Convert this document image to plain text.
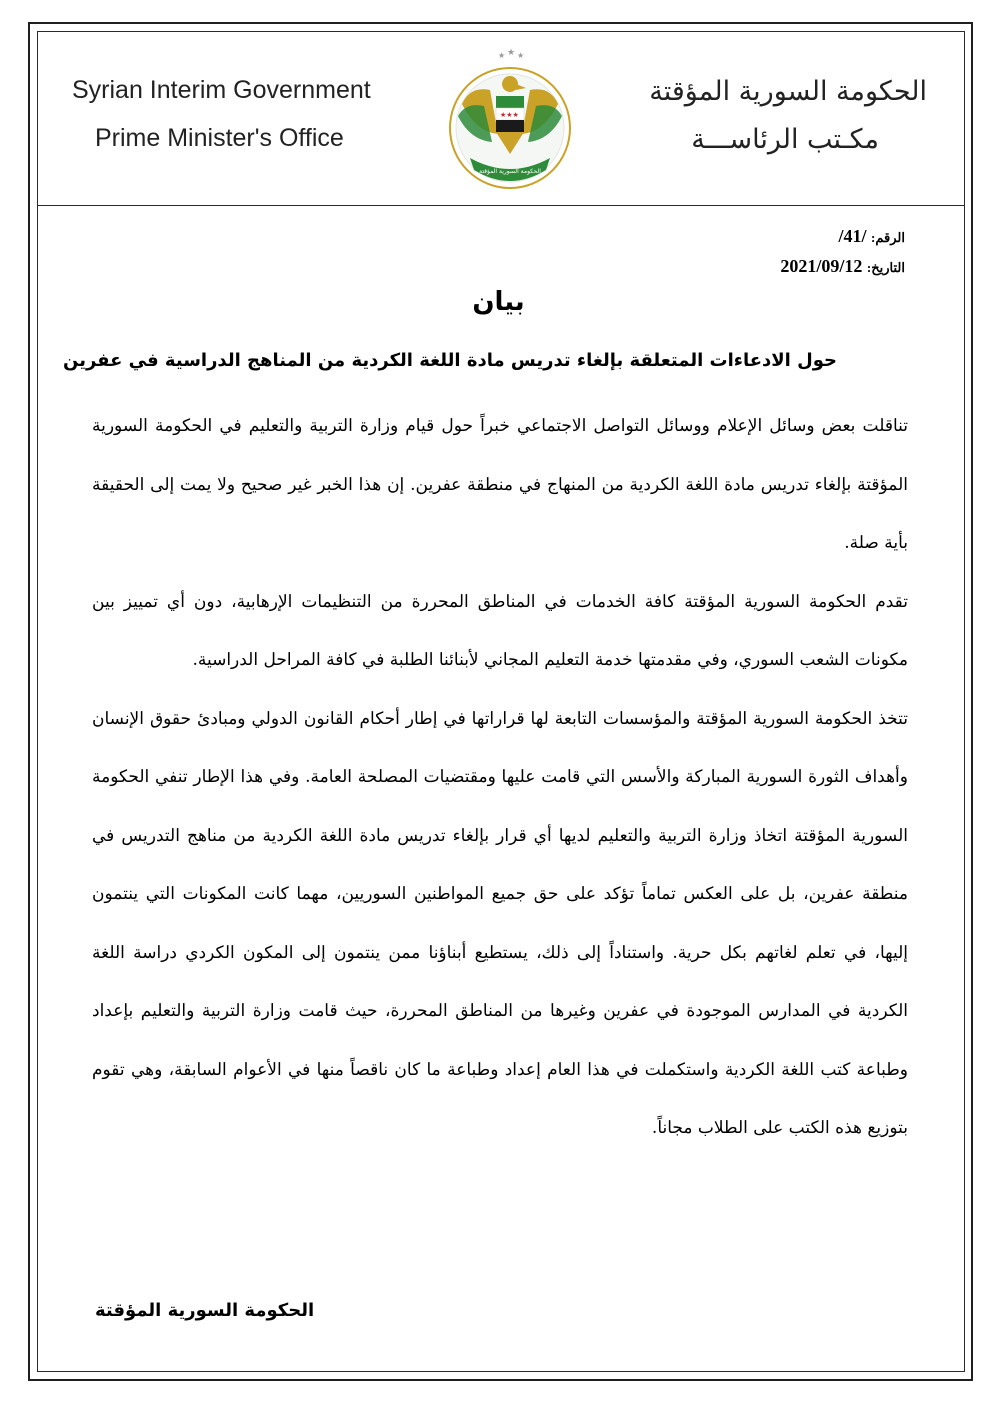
Syrian Interim Government
Prime Minister's Office
الحكومة السورية المؤقتة
مكـتب الرئاســـة
★ ★ ★
★★★
الحكومة السورية المؤقتة
الرقم: /41/
التاريخ: 2021/09/12
بيان
حول الادعاءات المتعلقة بإلغاء تدريس مادة اللغة الكردية من المناهج الدراسية في عفرين

تناقلت بعض وسائل الإعلام ووسائل التواصل الاجتماعي خبراً حول قيام وزارة التربية والتعليم في الحكومة السورية المؤقتة بإلغاء تدريس مادة اللغة الكردية من المنهاج في منطقة عفرين. إن هذا الخبر غير صحيح ولا يمت إلى الحقيقة بأية صلة.

تقدم الحكومة السورية المؤقتة كافة الخدمات في المناطق المحررة من التنظيمات الإرهابية، دون أي تمييز بين مكونات الشعب السوري، وفي مقدمتها خدمة التعليم المجاني لأبنائنا الطلبة في كافة المراحل الدراسية.

تتخذ الحكومة السورية المؤقتة والمؤسسات التابعة لها قراراتها في إطار أحكام القانون الدولي ومبادئ حقوق الإنسان وأهداف الثورة السورية المباركة والأسس التي قامت عليها ومقتضيات المصلحة العامة. وفي هذا الإطار تنفي الحكومة السورية المؤقتة اتخاذ وزارة التربية والتعليم لديها أي قرار بإلغاء تدريس مادة اللغة الكردية من مناهج التدريس في منطقة عفرين، بل على العكس تماماً تؤكد على حق جميع المواطنين السوريين، مهما كانت المكونات التي ينتمون إليها، في تعلم لغاتهم بكل حرية. واستناداً إلى ذلك، يستطيع أبناؤنا ممن ينتمون إلى المكون الكردي دراسة اللغة الكردية في المدارس الموجودة في عفرين وغيرها من المناطق المحررة، حيث قامت وزارة التربية والتعليم بإعداد وطباعة كتب اللغة الكردية واستكملت في هذا العام إعداد وطباعة ما كان ناقصاً منها في الأعوام السابقة، وهي تقوم بتوزيع هذه الكتب على الطلاب مجاناً.

الحكومة السورية المؤقتة
